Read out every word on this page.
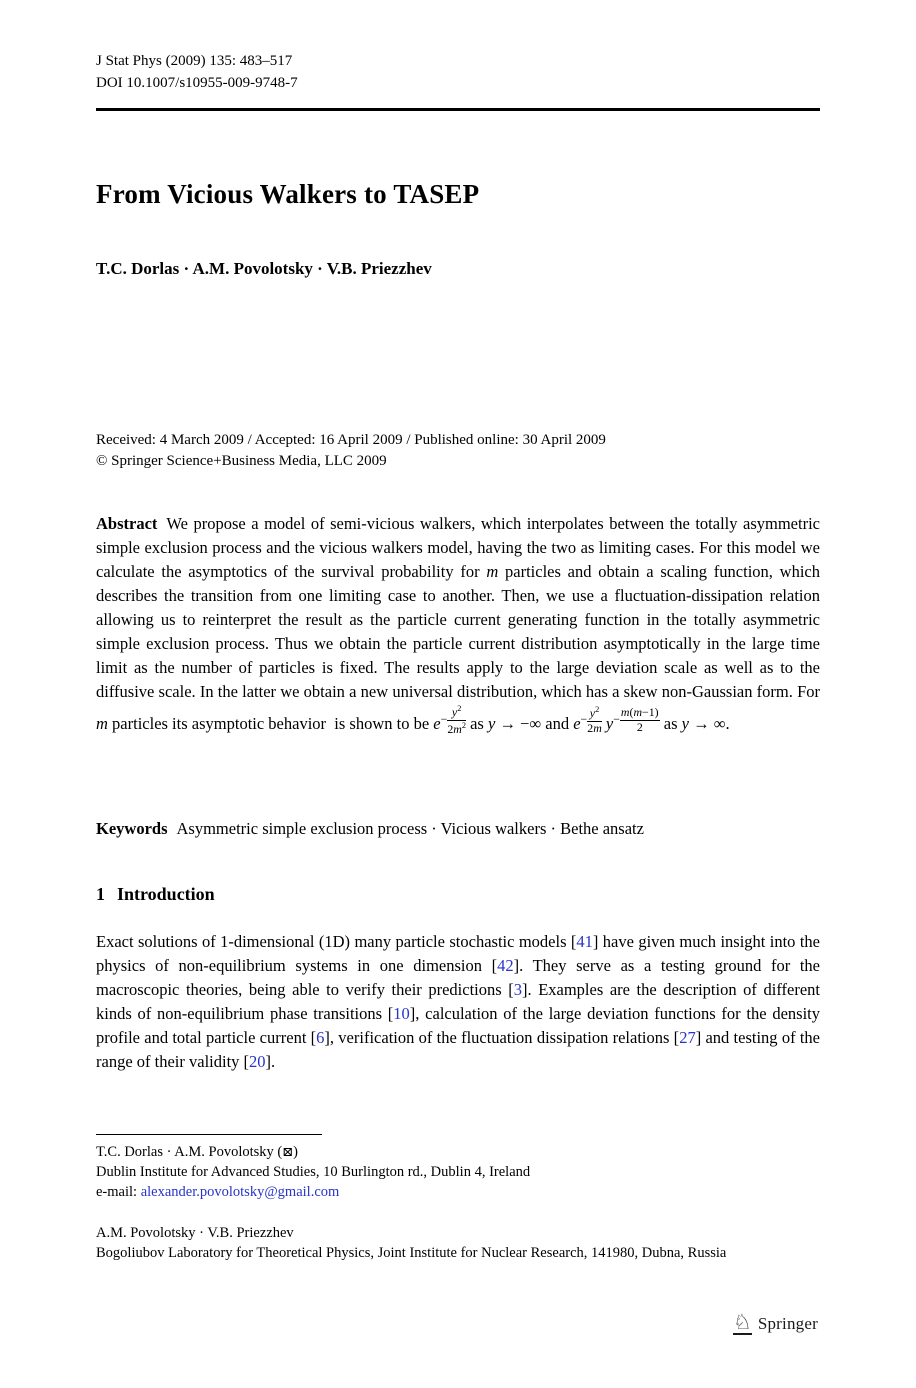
J Stat Phys (2009) 135: 483–517
DOI 10.1007/s10955-009-9748-7
From Vicious Walkers to TASEP
T.C. Dorlas · A.M. Povolotsky · V.B. Priezzhev
Received: 4 March 2009 / Accepted: 16 April 2009 / Published online: 30 April 2009
© Springer Science+Business Media, LLC 2009

Abstract We propose a model of semi-vicious walkers, which interpolates between the totally asymmetric simple exclusion process and the vicious walkers model, having the two as limiting cases. For this model we calculate the asymptotics of the survival probability for m particles and obtain a scaling function, which describes the transition from one limiting case to another. Then, we use a fluctuation-dissipation relation allowing us to reinterpret the result as the particle current generating function in the totally asymmetric simple exclusion process. Thus we obtain the particle current distribution asymptotically in the large time limit as the number of particles is fixed. The results apply to the large deviation scale as well as to the diffusive scale. In the latter we obtain a new universal distribution, which has a skew non-Gaussian form. For m particles its asymptotic behavior  is shown to be $e- \frac{y^2}{2m^2}$ as y → −∞ and $e- \frac{y^2}{2m} y- \frac{m(m-1)}{2}$ as y → ∞.

Keywords Asymmetric simple exclusion process · Vicious walkers · Bethe ansatz

1 Introduction

Exact solutions of 1-dimensional (1D) many particle stochastic models [41] have given much insight into the physics of non-equilibrium systems in one dimension [42]. They serve as a testing ground for the macroscopic theories, being able to verify their predictions [3]. Examples are the description of different kinds of non-equilibrium phase transitions [10], calculation of the large deviation functions for the density profile and total particle current [6], verification of the fluctuation dissipation relations [27] and testing of the range of their validity [20].

T.C. Dorlas · A.M. Povolotsky (⊠)
Dublin Institute for Advanced Studies, 10 Burlington rd., Dublin 4, Ireland
e-mail: alexander.povolotsky@gmail.com
A.M. Povolotsky · V.B. Priezzhev
Bogoliubov Laboratory for Theoretical Physics, Joint Institute for Nuclear Research, 141980, Dubna, Russia
♘ Springer
